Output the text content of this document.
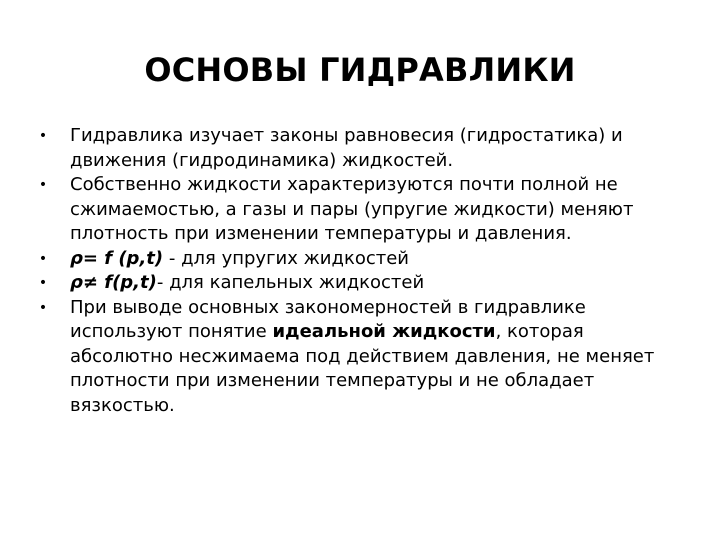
ОСНОВЫ ГИДРАВЛИКИ
• Гидравлика изучает законы равновесия (гидростатика) и движения (гидродинамика) жидкостей.
• Собственно жидкости характеризуются почти полной не сжимаемостью, а газы и пары (упругие жидкости) меняют плотность при изменении температуры и давления.
• ρ= f (p,t) - для упругих жидкостей
• ρ≠ f(p,t)- для капельных жидкостей
• При выводе основных закономерностей в гидравлике используют понятие идеальной жидкости, которая абсолютно несжимаема под действием давления, не меняет плотности при изменении температуры и не обладает вязкостью.
